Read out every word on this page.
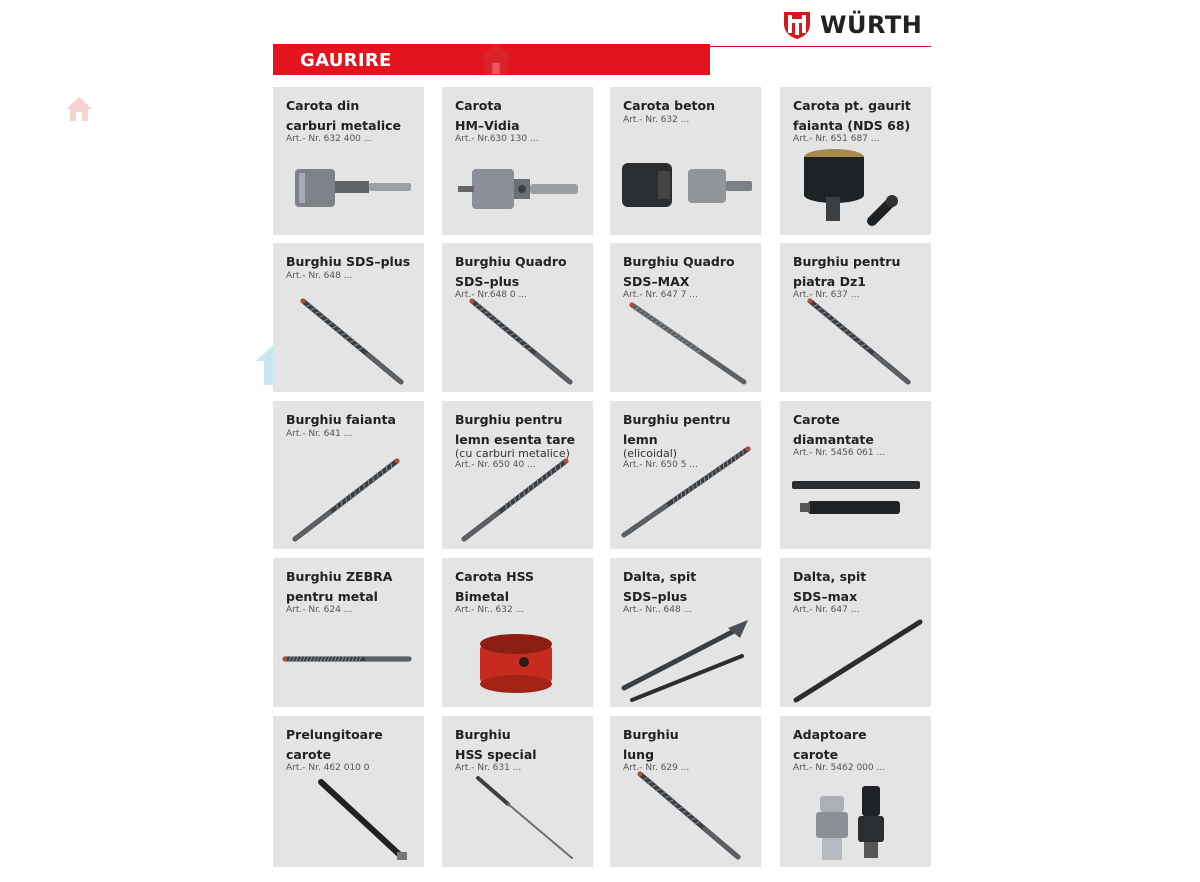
WÜRTH
GAURIRE
Carota din
carburi metalice
Art.- Nr. 632 400 ...
Carota
HM–Vidia
Art.- Nr.630 130 ...
Carota beton
Art.- Nr. 632 ...
Carota pt. gaurit
faianta (NDS 68)
Art.- Nr. 651 687 ...
Burghiu SDS–plus
Art.- Nr. 648 ...
Burghiu Quadro
SDS–plus
Art.- Nr.648 0 ...
Burghiu Quadro
SDS–MAX
Art.- Nr. 647 7 ...
Burghiu pentru
piatra Dz1
Art.- Nr. 637 ...
Burghiu faianta
Art.- Nr. 641 ...
Burghiu pentru
lemn esenta tare
(cu carburi metalice)
Art.- Nr. 650 40 ...
Burghiu pentru
lemn
(elicoidal)
Art.- Nr. 650 5 ...
Carote
diamantate
Art.- Nr. 5456 061 ...
Burghiu ZEBRA
pentru metal
Art.- Nr. 624 ...
Carota HSS
Bimetal
Art.- Nr.. 632 ...
Dalta, spit
SDS–plus
Art.- Nr.. 648 ...
Dalta, spit
SDS–max
Art.- Nr. 647 ...
Prelungitoare
carote
Art.- Nr. 462 010 0
Burghiu
HSS special
Art.- Nr. 631 ...
Burghiu
lung
Art.- Nr. 629 ...
Adaptoare
carote
Art.- Nr. 5462 000 ...
